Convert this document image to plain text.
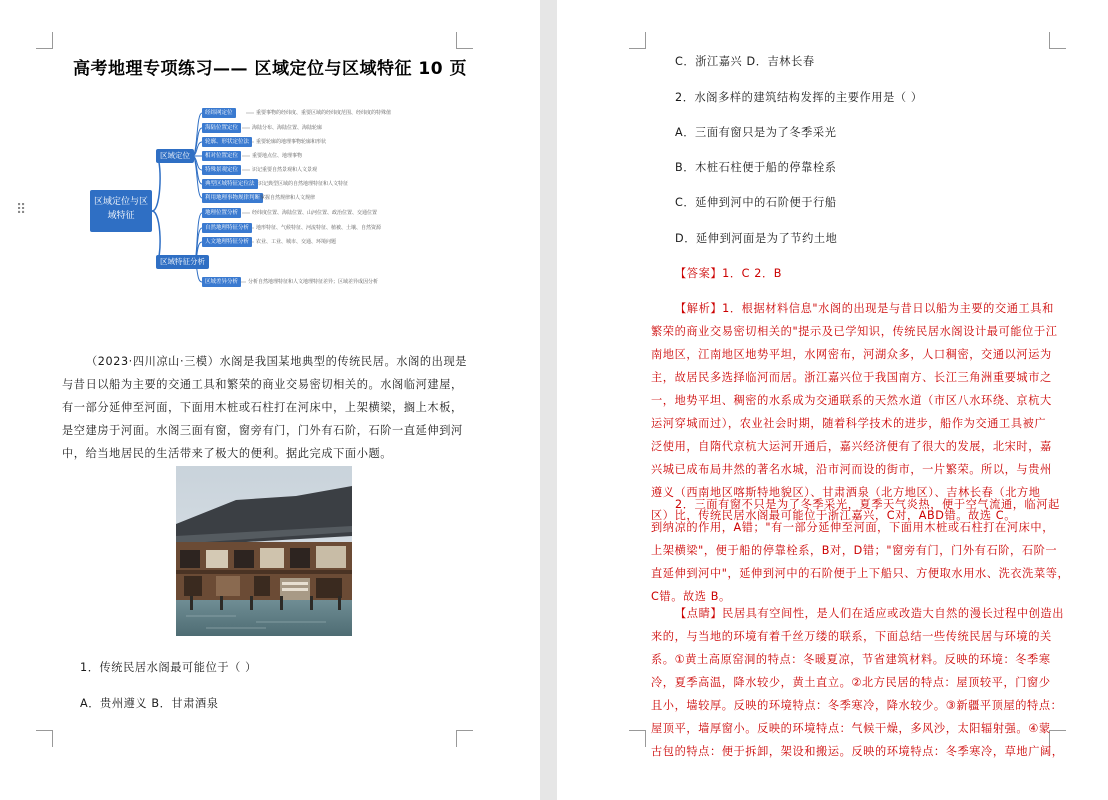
高考地理专项练习—— 区域定位与区域特征 10 页
⠿	区域定位与区域特征
区域定位
区域特征分析
经纬网定位	重要事物的经纬度、重要区域的经纬度范围、经纬度的特殊值
海陆位置定位	海陆分布、海陆位置、海陆轮廓
轮廓、形状定位法	重要轮廓的地理事物轮廓和形状
相对位置定位	重要地点位、地理事物
特殊景观定位	识记重要自然景观和人文景观
典型区域特征定位法 识记典型区域的自然地理特征和人文特征
利用地理事物规律判断 掌握自然规律和人文规律
地理位置分析	经纬度位置、海陆位置、山河位置、政治位置、交通位置
自然地理特征分析	地形特征、气候特征、河流特征、植被、土壤、自然资源
人文地理特征分析	农业、工业、城市、交通、环境问题
区域差异分析	分析自然地理特征和人文地理特征差异；区域差异成因分析
（2023·四川凉山·三模）水阁是我国某地典型的传统民居。水阁的出现是
与昔日以船为主要的交通工具和繁荣的商业交易密切相关的。水阁临河建屋，
有一部分延伸至河面，下面用木桩或石柱打在河床中，上架横梁，搁上木板，
是空建房于河面。水阁三面有窗，窗旁有门，门外有石阶，石阶一直延伸到河
中，给当地居民的生活带来了极大的便利。据此完成下面小题。
1．传统民居水阁最可能位于（ ）
A．贵州遵义 B．甘肃酒泉
C．浙江嘉兴 D．吉林长春
2．水阁多样的建筑结构发挥的主要作用是（ ）
A．三面有窗只是为了冬季采光
B．木桩石柱便于船的停靠栓系
C．延伸到河中的石阶便于行船
D．延伸到河面是为了节约土地
【答案】1．C 2．B
【解析】1．根据材料信息"水阁的出现是与昔日以船为主要的交通工具和
繁荣的商业交易密切相关的"提示及已学知识，传统民居水阁设计最可能位于江
南地区，江南地区地势平坦，水网密布，河湖众多，人口稠密，交通以河运为
主，故居民多选择临河而居。浙江嘉兴位于我国南方、长江三角洲重要城市之
一，地势平坦、稠密的水系成为交通联系的天然水道（市区八水环绕、京杭大
运河穿城而过），农业社会时期，随着科学技术的进步，船作为交通工具被广
泛使用，自隋代京杭大运河开通后，嘉兴经济便有了很大的发展，北宋时，嘉
兴城已成布局井然的著名水城，沿市河而设的街市，一片繁荣。所以，与贵州
遵义（西南地区喀斯特地貌区）、甘肃酒泉（北方地区）、吉林长春（北方地
区）比，传统民居水阁最可能位于浙江嘉兴，C对，ABD错。故选 C。
2．三面有窗不只是为了冬季采光，夏季天气炎热，便于空气流通，临河起
到纳凉的作用，A错；"有一部分延伸至河面，下面用木桩或石柱打在河床中，
上架横梁"，便于船的停靠栓系，B对，D错；"窗旁有门，门外有石阶，石阶一
直延伸到河中"，延伸到河中的石阶便于上下船只、方便取水用水、洗衣洗菜等，
C错。故选 B。
【点睛】民居具有空间性，是人们在适应或改造大自然的漫长过程中创造出
来的，与当地的环境有着千丝万缕的联系，下面总结一些传统民居与环境的关
系。①黄土高原窑洞的特点：冬暖夏凉，节省建筑材料。反映的环境：冬季寒
冷，夏季高温，降水较少，黄土直立。②北方民居的特点：屋顶较平，门窗少
且小，墙较厚。反映的环境特点：冬季寒冷，降水较少。③新疆平顶屋的特点：
屋顶平，墙厚窗小。反映的环境特点：气候干燥，多风沙，太阳辐射强。④蒙
古包的特点：便于拆卸，架设和搬运。反映的环境特点：冬季寒冷，草地广阔，
